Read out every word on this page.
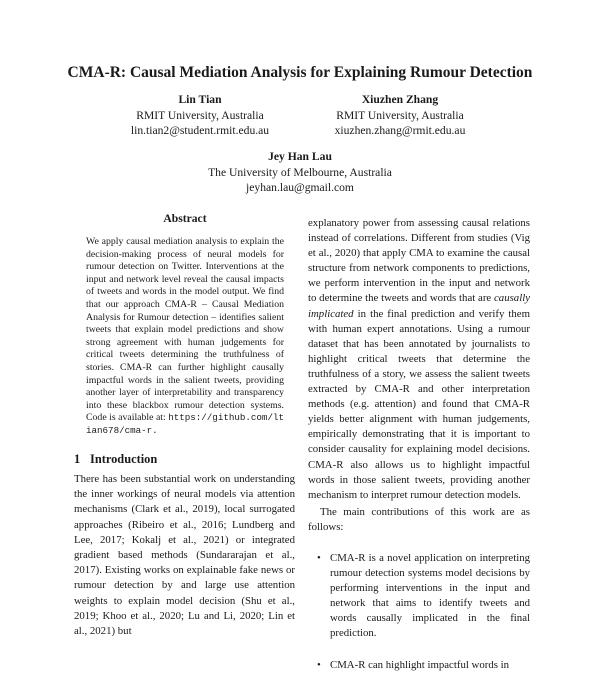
CMA-R: Causal Mediation Analysis for Explaining Rumour Detection
Lin Tian
RMIT University, Australia
lin.tian2@student.rmit.edu.au
Xiuzhen Zhang
RMIT University, Australia
xiuzhen.zhang@rmit.edu.au
Jey Han Lau
The University of Melbourne, Australia
jeyhan.lau@gmail.com
Abstract

We apply causal mediation analysis to explain the decision-making process of neural models for rumour detection on Twitter. Interventions at the input and network level reveal the causal impacts of tweets and words in the model output. We find that our approach CMA-R – Causal Mediation Analysis for Rumour detection – identifies salient tweets that explain model predictions and show strong agreement with human judgements for critical tweets determining the truthfulness of stories. CMA-R can further highlight causally impactful words in the salient tweets, providing another layer of interpretability and transparency into these blackbox rumour detection systems. Code is available at: https://github.com/ltian678/cma-r.

1 Introduction

There has been substantial work on understanding the inner workings of neural models via attention mechanisms (Clark et al., 2019), local surrogated approaches (Ribeiro et al., 2016; Lundberg and Lee, 2017; Kokalj et al., 2021) or integrated gradient based methods (Sundararajan et al., 2017). Existing works on explainable fake news or rumour detection by and large use attention weights to explain model decision (Shu et al., 2019; Khoo et al., 2020; Lu and Li, 2020; Lin et al., 2021) but

explanatory power from assessing causal relations instead of correlations. Different from studies (Vig et al., 2020) that apply CMA to examine the causal structure from network components to predictions, we perform intervention in the input and network to determine the tweets and words that are causally implicated in the final prediction and verify them with human expert annotations. Using a rumour dataset that has been annotated by journalists to highlight critical tweets that determine the truthfulness of a story, we assess the salient tweets extracted by CMA-R and other interpretation methods (e.g. attention) and found that CMA-R yields better alignment with human judgements, empirically demonstrating that it is important to consider causality for explaining model decisions. CMA-R also allows us to highlight impactful words in those salient tweets, providing another mechanism to interpret rumour detection models.

The main contributions of this work are as follows:

• CMA-R is a novel application on interpreting rumour detection systems model decisions by performing interventions in the input and network that aims to identify tweets and words causally implicated in the final prediction.
• CMA-R can highlight impactful words in
